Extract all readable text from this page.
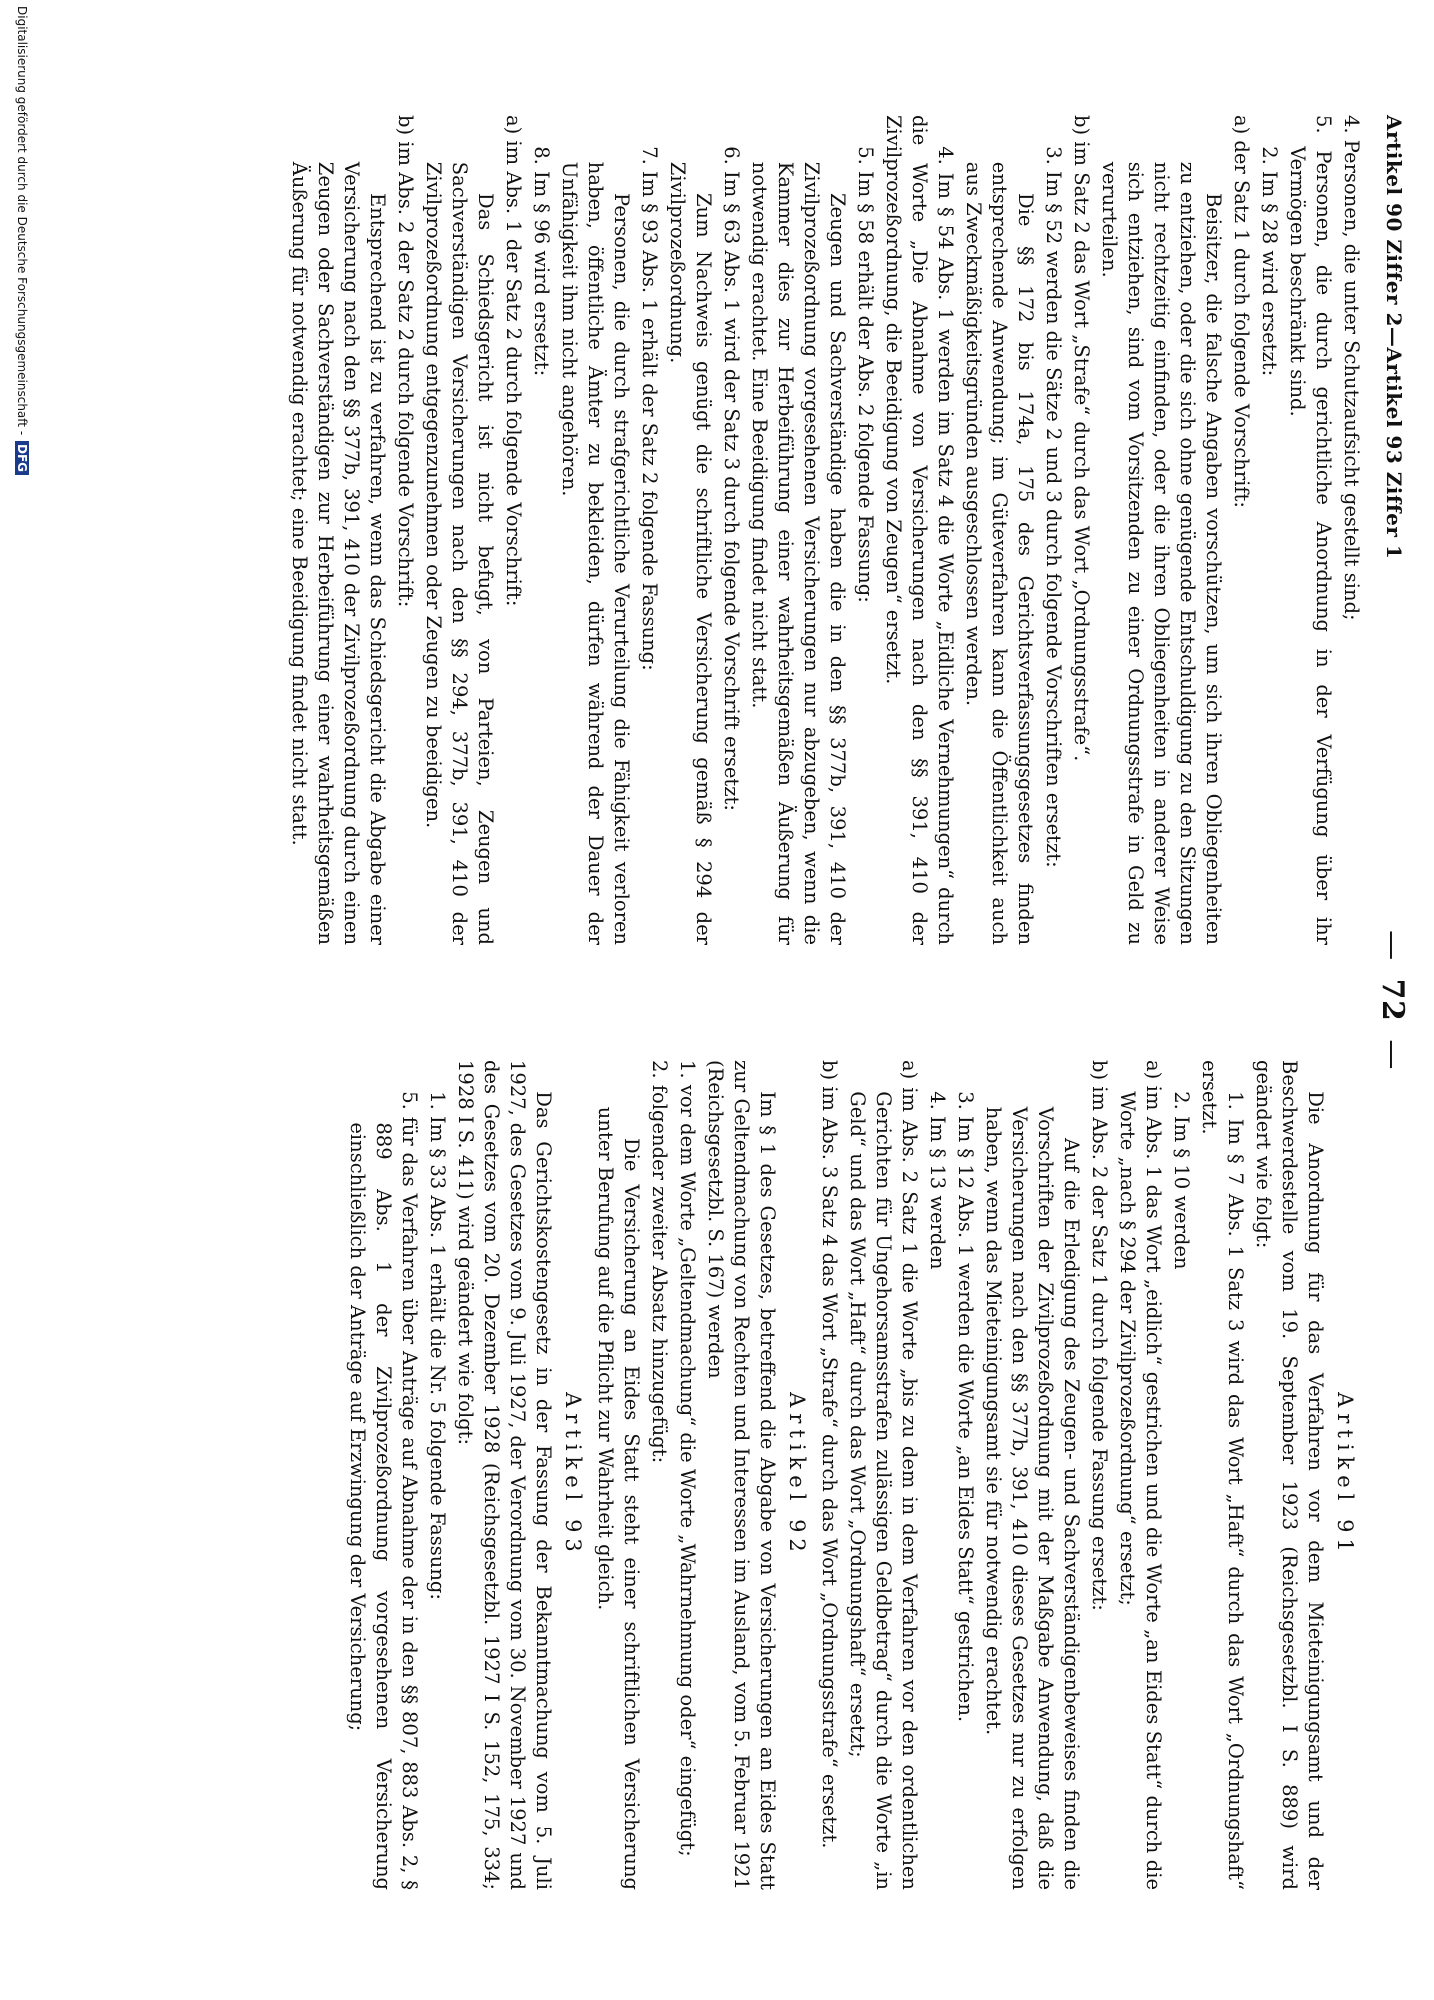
Artikel 90 Ziffer 2—Artikel 93 Ziffer 1
— 72 —

4. Personen, die unter Schutzaufsicht gestellt sind;

5. Personen, die durch gerichtliche Anordnung in der Verfügung über ihr Vermögen beschränkt sind.

2. Im § 28 wird ersetzt:

a) der Satz 1 durch folgende Vorschrift:

Beisitzer, die falsche Angaben vorschützen, um sich ihren Obliegenheiten zu entziehen, oder die sich ohne genügende Entschuldigung zu den Sitzungen nicht rechtzeitig einfinden, oder die ihren Obliegenheiten in anderer Weise sich entziehen, sind vom Vorsitzenden zu einer Ordnungsstrafe in Geld zu verurteilen.

b) im Satz 2 das Wort „Strafe“ durch das Wort „Ordnungsstrafe“.

3. Im § 52 werden die Sätze 2 und 3 durch folgende Vorschriften ersetzt:

Die §§ 172 bis 174a, 175 des Gerichtsverfassungsgesetzes finden entsprechende Anwendung; im Güteverfahren kann die Öffentlichkeit auch aus Zweckmäßigkeitsgründen ausgeschlossen werden.

4. Im § 54 Abs. 1 werden im Satz 4 die Worte „Eidliche Vernehmungen“ durch die Worte „Die Abnahme von Versicherungen nach den §§ 391, 410 der Zivilprozeßordnung, die Beeidigung von Zeugen“ ersetzt.

5. Im § 58 erhält der Abs. 2 folgende Fassung:

Zeugen und Sachverständige haben die in den §§ 377b, 391, 410 der Zivilprozeßordnung vorgesehenen Versicherungen nur abzugeben, wenn die Kammer dies zur Herbeiführung einer wahrheitsgemäßen Äußerung für notwendig erachtet. Eine Beeidigung findet nicht statt.

6. Im § 63 Abs. 1 wird der Satz 3 durch folgende Vorschrift ersetzt:

Zum Nachweis genügt die schriftliche Versicherung gemäß § 294 der Zivilprozeßordnung.

7. Im § 93 Abs. 1 erhält der Satz 2 folgende Fassung:

Personen, die durch strafgerichtliche Verurteilung die Fähigkeit verloren haben, öffentliche Ämter zu bekleiden, dürfen während der Dauer der Unfähigkeit ihm nicht angehören.

8. Im § 96 wird ersetzt:

a) im Abs. 1 der Satz 2 durch folgende Vorschrift:

Das Schiedsgericht ist nicht befugt, von Parteien, Zeugen und Sachverständigen Versicherungen nach den §§ 294, 377b, 391, 410 der Zivilprozeßordnung entgegenzunehmen oder Zeugen zu beeidigen.

b) im Abs. 2 der Satz 2 durch folgende Vorschrift:

Entsprechend ist zu verfahren, wenn das Schiedsgericht die Abgabe einer Versicherung nach den §§ 377b, 391, 410 der Zivilprozeßordnung durch einen Zeugen oder Sachverständigen zur Herbeiführung einer wahrheitsgemäßen Äußerung für notwendig erachtet; eine Beeidigung findet nicht statt.

Artikel 91

Die Anordnung für das Verfahren vor dem Mieteinigungsamt und der Beschwerdestelle vom 19. September 1923 (Reichsgesetzbl. I S. 889) wird geändert wie folgt:

1. Im § 7 Abs. 1 Satz 3 wird das Wort „Haft“ durch das Wort „Ordnungshaft“ ersetzt.

2. Im § 10 werden

a) im Abs. 1 das Wort „eidlich“ gestrichen und die Worte „an Eides Statt“ durch die Worte „nach § 294 der Zivilprozeßordnung“ ersetzt;

b) im Abs. 2 der Satz 1 durch folgende Fassung ersetzt:

Auf die Erledigung des Zeugen- und Sachverständigenbeweises finden die Vorschriften der Zivilprozeßordnung mit der Maßgabe Anwendung, daß die Versicherungen nach den §§ 377b, 391, 410 dieses Gesetzes nur zu erfolgen haben, wenn das Mieteinigungsamt sie für notwendig erachtet.

3. Im § 12 Abs. 1 werden die Worte „an Eides Statt“ gestrichen.

4. Im § 13 werden

a) im Abs. 2 Satz 1 die Worte „bis zu dem in dem Verfahren vor den ordentlichen Gerichten für Ungehorsamsstrafen zulässigen Geldbetrag“ durch die Worte „in Geld“ und das Wort „Haft“ durch das Wort „Ordnungshaft“ ersetzt;

b) im Abs. 3 Satz 4 das Wort „Strafe“ durch das Wort „Ordnungsstrafe“ ersetzt.

Artikel 92

Im § 1 des Gesetzes, betreffend die Abgabe von Versicherungen an Eides Statt zur Geltendmachung von Rechten und Interessen im Ausland, vom 5. Februar 1921 (Reichsgesetzbl. S. 167) werden

1. vor dem Worte „Geltendmachung“ die Worte „Wahrnehmung oder“ eingefügt;

2. folgender zweiter Absatz hinzugefügt:

Die Versicherung an Eides Statt steht einer schriftlichen Versicherung unter Berufung auf die Pflicht zur Wahrheit gleich.

Artikel 93

Das Gerichtskostengesetz in der Fassung der Bekanntmachung vom 5. Juli 1927, des Gesetzes vom 9. Juli 1927, der Verordnung vom 30. November 1927 und des Gesetzes vom 20. Dezember 1928 (Reichsgesetzbl. 1927 I S. 152, 175, 334; 1928 I S. 411) wird geändert wie folgt:

1. Im § 33 Abs. 1 erhält die Nr. 5 folgende Fassung:

5. für das Verfahren über Anträge auf Abnahme der in den §§ 807, 883 Abs. 2, § 889 Abs. 1 der Zivilprozeßordnung vorgesehenen Versicherung einschließlich der Anträge auf Erzwingung der Versicherung;

Digitalisierung gefördert durch die Deutsche Forschungsgemeinschaft - DFG
